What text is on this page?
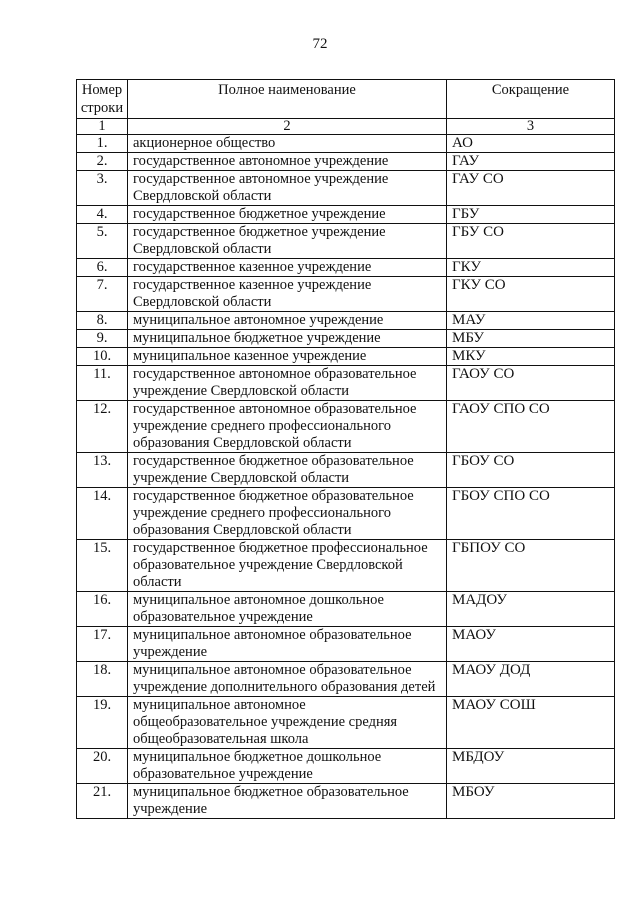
72
Номер строки	Полное наименование	Сокращение
1	2	3
1.	акционерное общество	АО
2.	государственное автономное учреждение	ГАУ
3.	государственное автономное учреждение Свердловской области	ГАУ СО
4.	государственное бюджетное учреждение	ГБУ
5.	государственное бюджетное учреждение Свердловской области	ГБУ СО
6.	государственное казенное учреждение	ГКУ
7.	государственное казенное учреждение Свердловской области	ГКУ СО
8.	муниципальное автономное учреждение	МАУ
9.	муниципальное бюджетное учреждение	МБУ
10.	муниципальное казенное учреждение	МКУ
11.	государственное автономное образовательное учреждение Свердловской области	ГАОУ СО
12.	государственное автономное образовательное учреждение среднего профессионального образования Свердловской области	ГАОУ СПО СО
13.	государственное бюджетное образовательное учреждение Свердловской области	ГБОУ СО
14.	государственное бюджетное образовательное учреждение среднего профессионального образования Свердловской области	ГБОУ СПО СО
15.	государственное бюджетное профессиональное образовательное учреждение Свердловской области	ГБПОУ СО
16.	муниципальное автономное дошкольное образовательное учреждение	МАДОУ
17.	муниципальное автономное образовательное учреждение	МАОУ
18.	муниципальное автономное образовательное учреждение дополнительного образования детей	МАОУ ДОД
19.	муниципальное автономное общеобразовательное учреждение средняя общеобразовательная школа	МАОУ СОШ
20.	муниципальное бюджетное дошкольное образовательное учреждение	МБДОУ
21.	муниципальное бюджетное образовательное учреждение	МБОУ
